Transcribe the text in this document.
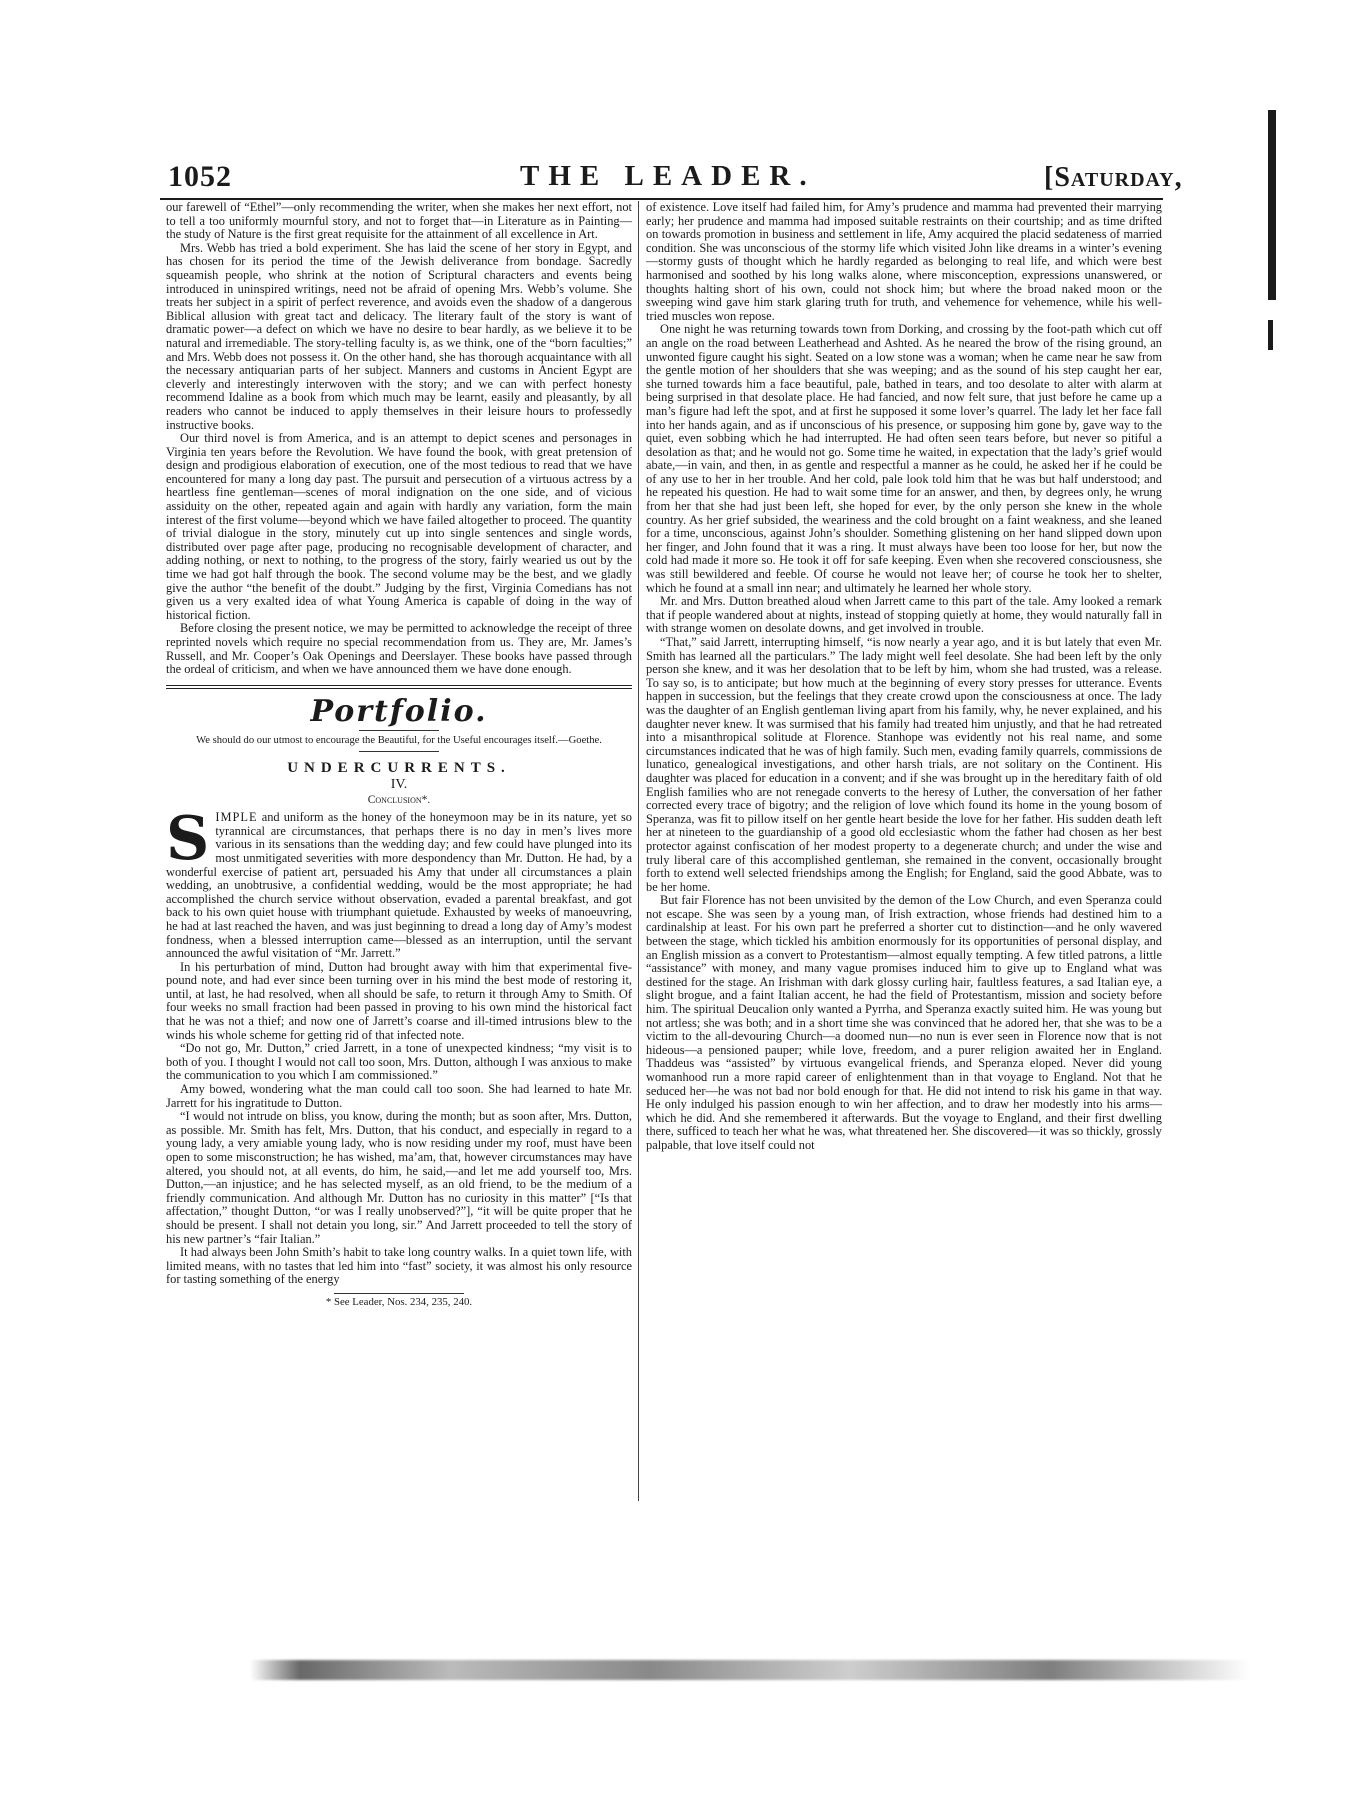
1052	THE LEADER.	[Saturday,

our farewell of “Ethel”—only recommending the writer, when she makes her next effort, not to tell a too uniformly mournful story, and not to forget that—in Literature as in Painting—the study of Nature is the first great requisite for the attainment of all excellence in Art.

Mrs. Webb has tried a bold experiment. She has laid the scene of her story in Egypt, and has chosen for its period the time of the Jewish deliverance from bondage. Sacredly squeamish people, who shrink at the notion of Scriptural characters and events being introduced in uninspired writings, need not be afraid of opening Mrs. Webb’s volume. She treats her subject in a spirit of perfect reverence, and avoids even the shadow of a dangerous Biblical allusion with great tact and delicacy. The literary fault of the story is want of dramatic power—a defect on which we have no desire to bear hardly, as we believe it to be natural and irremediable. The story-telling faculty is, as we think, one of the “born faculties;” and Mrs. Webb does not possess it. On the other hand, she has thorough acquaintance with all the necessary antiquarian parts of her subject. Manners and customs in Ancient Egypt are cleverly and interestingly interwoven with the story; and we can with perfect honesty recommend Idaline as a book from which much may be learnt, easily and pleasantly, by all readers who cannot be induced to apply themselves in their leisure hours to professedly instructive books.

Our third novel is from America, and is an attempt to depict scenes and personages in Virginia ten years before the Revolution. We have found the book, with great pretension of design and prodigious elaboration of execution, one of the most tedious to read that we have encountered for many a long day past. The pursuit and persecution of a virtuous actress by a heartless fine gentleman—scenes of moral indignation on the one side, and of vicious assiduity on the other, repeated again and again with hardly any variation, form the main interest of the first volume—beyond which we have failed altogether to proceed. The quantity of trivial dialogue in the story, minutely cut up into single sentences and single words, distributed over page after page, producing no recognisable development of character, and adding nothing, or next to nothing, to the progress of the story, fairly wearied us out by the time we had got half through the book. The second volume may be the best, and we gladly give the author “the benefit of the doubt.” Judging by the first, Virginia Comedians has not given us a very exalted idea of what Young America is capable of doing in the way of historical fiction.

Before closing the present notice, we may be permitted to acknowledge the receipt of three reprinted novels which require no special recommendation from us. They are, Mr. James’s Russell, and Mr. Cooper’s Oak Openings and Deerslayer. These books have passed through the ordeal of criticism, and when we have announced them we have done enough.

Portfolio.
We should do our utmost to encourage the Beautiful, for the Useful encourages itself.—Goethe.
UNDERCURRENTS.
IV.
Conclusion*.

SIMPLE and uniform as the honey of the honeymoon may be in its nature, yet so tyrannical are circumstances, that perhaps there is no day in men’s lives more various in its sensations than the wedding day; and few could have plunged into its most unmitigated severities with more despondency than Mr. Dutton. He had, by a wonderful exercise of patient art, persuaded his Amy that under all circumstances a plain wedding, an unobtrusive, a confidential wedding, would be the most appropriate; he had accomplished the church service without observation, evaded a parental breakfast, and got back to his own quiet house with triumphant quietude. Exhausted by weeks of manoeuvring, he had at last reached the haven, and was just beginning to dread a long day of Amy’s modest fondness, when a blessed interruption came—blessed as an interruption, until the servant announced the awful visitation of “Mr. Jarrett.”

In his perturbation of mind, Dutton had brought away with him that experimental five-pound note, and had ever since been turning over in his mind the best mode of restoring it, until, at last, he had resolved, when all should be safe, to return it through Amy to Smith. Of four weeks no small fraction had been passed in proving to his own mind the historical fact that he was not a thief; and now one of Jarrett’s coarse and ill-timed intrusions blew to the winds his whole scheme for getting rid of that infected note.

“Do not go, Mr. Dutton,” cried Jarrett, in a tone of unexpected kindness; “my visit is to both of you. I thought I would not call too soon, Mrs. Dutton, although I was anxious to make the communication to you which I am commissioned.”

Amy bowed, wondering what the man could call too soon. She had learned to hate Mr. Jarrett for his ingratitude to Dutton.

“I would not intrude on bliss, you know, during the month; but as soon after, Mrs. Dutton, as possible. Mr. Smith has felt, Mrs. Dutton, that his conduct, and especially in regard to a young lady, a very amiable young lady, who is now residing under my roof, must have been open to some misconstruction; he has wished, ma’am, that, however circumstances may have altered, you should not, at all events, do him, he said,—and let me add yourself too, Mrs. Dutton,—an injustice; and he has selected myself, as an old friend, to be the medium of a friendly communication. And although Mr. Dutton has no curiosity in this matter” [“Is that affectation,” thought Dutton, “or was I really unobserved?”], “it will be quite proper that he should be present. I shall not detain you long, sir.” And Jarrett proceeded to tell the story of his new partner’s “fair Italian.”

It had always been John Smith’s habit to take long country walks. In a quiet town life, with limited means, with no tastes that led him into “fast” society, it was almost his only resource for tasting something of the energy

* See Leader, Nos. 234, 235, 240.

of existence. Love itself had failed him, for Amy’s prudence and mamma had prevented their marrying early; her prudence and mamma had imposed suitable restraints on their courtship; and as time drifted on towards promotion in business and settlement in life, Amy acquired the placid sedateness of married condition. She was unconscious of the stormy life which visited John like dreams in a winter’s evening—stormy gusts of thought which he hardly regarded as belonging to real life, and which were best harmonised and soothed by his long walks alone, where misconception, expressions unanswered, or thoughts halting short of his own, could not shock him; but where the broad naked moon or the sweeping wind gave him stark glaring truth for truth, and vehemence for vehemence, while his well-tried muscles won repose.

One night he was returning towards town from Dorking, and crossing by the foot-path which cut off an angle on the road between Leatherhead and Ashted. As he neared the brow of the rising ground, an unwonted figure caught his sight. Seated on a low stone was a woman; when he came near he saw from the gentle motion of her shoulders that she was weeping; and as the sound of his step caught her ear, she turned towards him a face beautiful, pale, bathed in tears, and too desolate to alter with alarm at being surprised in that desolate place. He had fancied, and now felt sure, that just before he came up a man’s figure had left the spot, and at first he supposed it some lover’s quarrel. The lady let her face fall into her hands again, and as if unconscious of his presence, or supposing him gone by, gave way to the quiet, even sobbing which he had interrupted. He had often seen tears before, but never so pitiful a desolation as that; and he would not go. Some time he waited, in expectation that the lady’s grief would abate,—in vain, and then, in as gentle and respectful a manner as he could, he asked her if he could be of any use to her in her trouble. And her cold, pale look told him that he was but half understood; and he repeated his question. He had to wait some time for an answer, and then, by degrees only, he wrung from her that she had just been left, she hoped for ever, by the only person she knew in the whole country. As her grief subsided, the weariness and the cold brought on a faint weakness, and she leaned for a time, unconscious, against John’s shoulder. Something glistening on her hand slipped down upon her finger, and John found that it was a ring. It must always have been too loose for her, but now the cold had made it more so. He took it off for safe keeping. Even when she recovered consciousness, she was still bewildered and feeble. Of course he would not leave her; of course he took her to shelter, which he found at a small inn near; and ultimately he learned her whole story.

Mr. and Mrs. Dutton breathed aloud when Jarrett came to this part of the tale. Amy looked a remark that if people wandered about at nights, instead of stopping quietly at home, they would naturally fall in with strange women on desolate downs, and get involved in trouble.

“That,” said Jarrett, interrupting himself, “is now nearly a year ago, and it is but lately that even Mr. Smith has learned all the particulars.” The lady might well feel desolate. She had been left by the only person she knew, and it was her desolation that to be left by him, whom she had trusted, was a release. To say so, is to anticipate; but how much at the beginning of every story presses for utterance. Events happen in succession, but the feelings that they create crowd upon the consciousness at once. The lady was the daughter of an English gentleman living apart from his family, why, he never explained, and his daughter never knew. It was surmised that his family had treated him unjustly, and that he had retreated into a misanthropical solitude at Florence. Stanhope was evidently not his real name, and some circumstances indicated that he was of high family. Such men, evading family quarrels, commissions de lunatico, genealogical investigations, and other harsh trials, are not solitary on the Continent. His daughter was placed for education in a convent; and if she was brought up in the hereditary faith of old English families who are not renegade converts to the heresy of Luther, the conversation of her father corrected every trace of bigotry; and the religion of love which found its home in the young bosom of Speranza, was fit to pillow itself on her gentle heart beside the love for her father. His sudden death left her at nineteen to the guardianship of a good old ecclesiastic whom the father had chosen as her best protector against confiscation of her modest property to a degenerate church; and under the wise and truly liberal care of this accomplished gentleman, she remained in the convent, occasionally brought forth to extend well selected friendships among the English; for England, said the good Abbate, was to be her home.

But fair Florence has not been unvisited by the demon of the Low Church, and even Speranza could not escape. She was seen by a young man, of Irish extraction, whose friends had destined him to a cardinalship at least. For his own part he preferred a shorter cut to distinction—and he only wavered between the stage, which tickled his ambition enormously for its opportunities of personal display, and an English mission as a convert to Protestantism—almost equally tempting. A few titled patrons, a little “assistance” with money, and many vague promises induced him to give up to England what was destined for the stage. An Irishman with dark glossy curling hair, faultless features, a sad Italian eye, a slight brogue, and a faint Italian accent, he had the field of Protestantism, mission and society before him. The spiritual Deucalion only wanted a Pyrrha, and Speranza exactly suited him. He was young but not artless; she was both; and in a short time she was convinced that he adored her, that she was to be a victim to the all-devouring Church—a doomed nun—no nun is ever seen in Florence now that is not hideous—a pensioned pauper; while love, freedom, and a purer religion awaited her in England. Thaddeus was “assisted” by virtuous evangelical friends, and Speranza eloped. Never did young womanhood run a more rapid career of enlightenment than in that voyage to England. Not that he seduced her—he was not bad nor bold enough for that. He did not intend to risk his game in that way. He only indulged his passion enough to win her affection, and to draw her modestly into his arms—which he did. And she remembered it afterwards. But the voyage to England, and their first dwelling there, sufficed to teach her what he was, what threatened her. She discovered—it was so thickly, grossly palpable, that love itself could not
